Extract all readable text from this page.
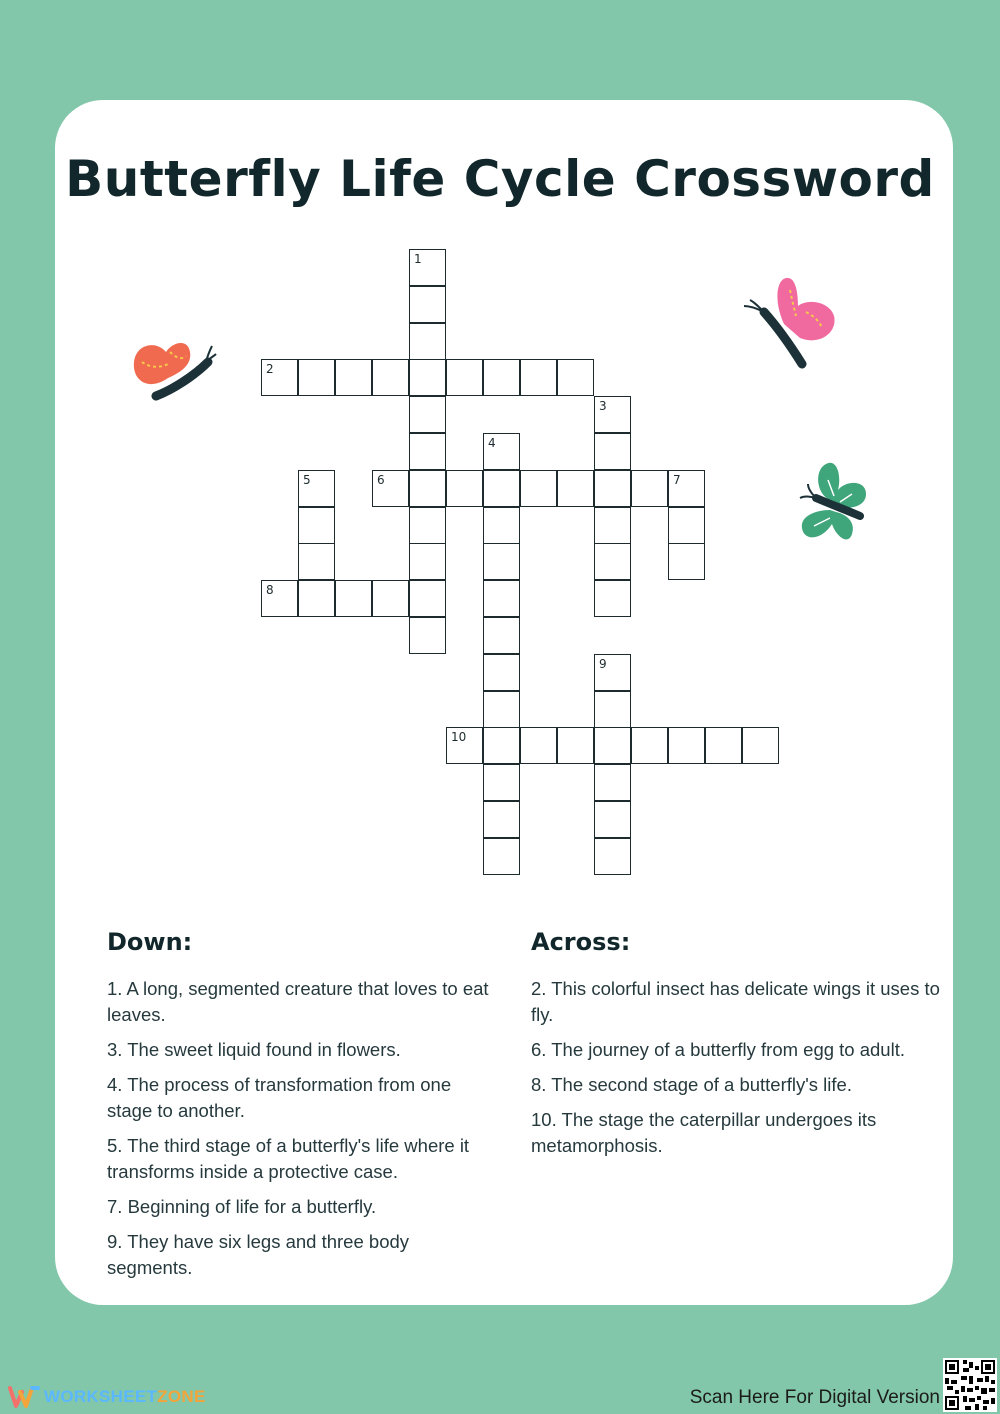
Butterfly Life Cycle Crossword
1
2
3
4
5	6	7
8
9
10
Down:
1. A long, segmented creature that loves to eat leaves.
3. The sweet liquid found in flowers.
4. The process of transformation from one stage to another.
5. The third stage of a butterfly's life where it transforms inside a protective case.
7. Beginning of life for a butterfly.
9. They have six legs and three body segments.
Across:
2. This colorful insect has delicate wings it uses to fly.
6. The journey of a butterfly from egg to adult.
8. The second stage of a butterfly's life.
10. The stage the caterpillar undergoes its metamorphosis.
WORKSHEETZONE	Scan Here For Digital Version
